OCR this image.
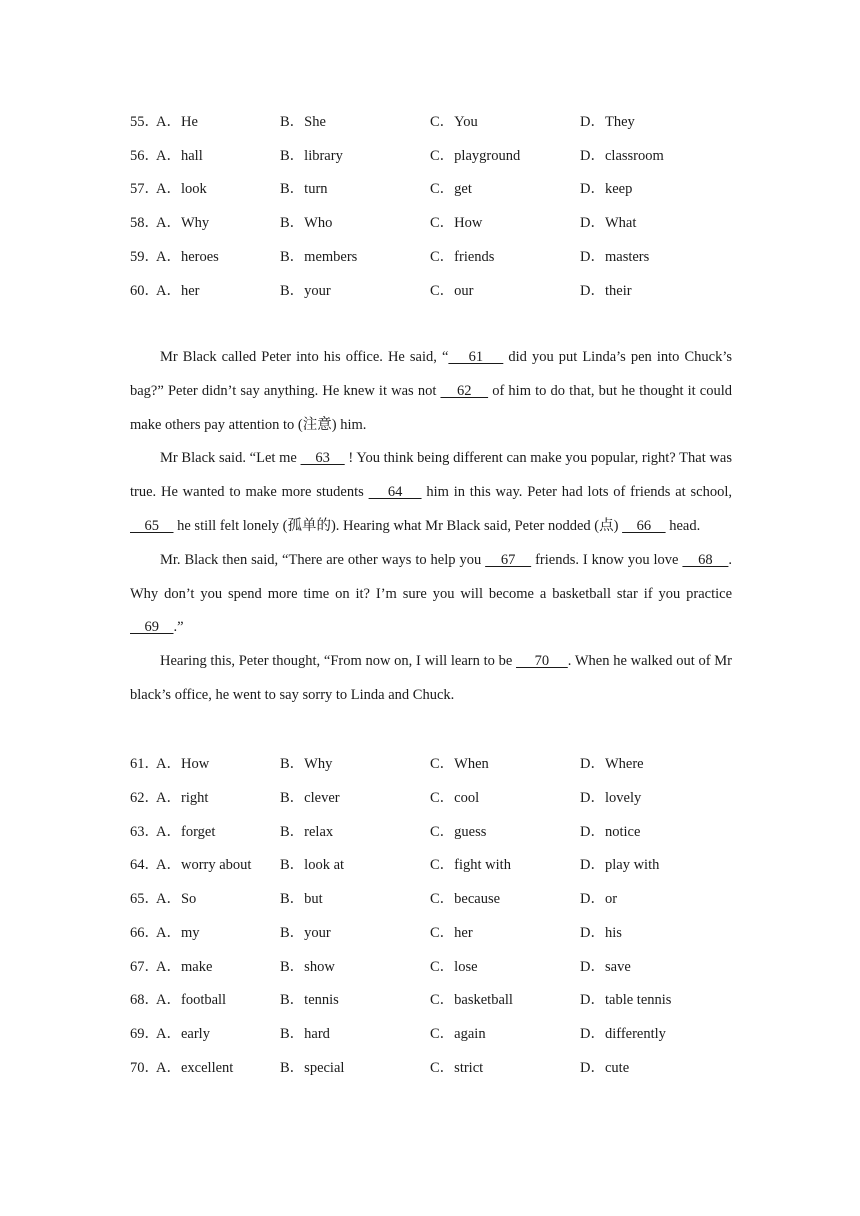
55．
A．He	B．She	C．You	D．They
56．
A．hall	B．library	C．playground	D．classroom
57．
A．look	B．turn	C．get	D．keep
58．
A．Why	B．Who	C．How	D．What
59．
A．heroes	B．members	C．friends	D．masters
60．
A．her	B．your	C．our	D．their

Mr Black called Peter into his office. He said, “    61     did you put Linda’s pen into Chuck’s bag?” Peter didn’t say anything. He knew it was not     62     of him to do that, but he thought it could make others pay attention to (注意) him.

Mr Black said. “Let me     63     ! You think being different can make you popular, right? That was true. He wanted to make more students     64     him in this way. Peter had lots of friends at school,     65     he still felt lonely (孤单的). Hearing what Mr Black said, Peter nodded (点)     66     head.

Mr. Black then said, “There are other ways to help you     67     friends. I know you love     68    . Why don’t you spend more time on it? I’m sure you will become a basketball star if you practice     69    .”

Hearing this, Peter thought, “From now on, I will learn to be      70     . When he walked out of Mr black’s office, he went to say sorry to Linda and Chuck.

61．
A．How	B．Why	C．When	D．Where
62．
A．right	B．clever	C．cool	D．lovely
63．
A．forget	B．relax	C．guess	D．notice
64．
A．worry about B．look at	C．fight with	D．play with
65．
A．So	B．but	C．because	D．or
66．
A．my	B．your	C．her	D．his
67．
A．make	B．show	C．lose	D．save
68．
A．football	B．tennis	C．basketball	D．table tennis
69．
A．early	B．hard	C．again	D．differently
70．
A．excellent	B．special	C．strict	D．cute
